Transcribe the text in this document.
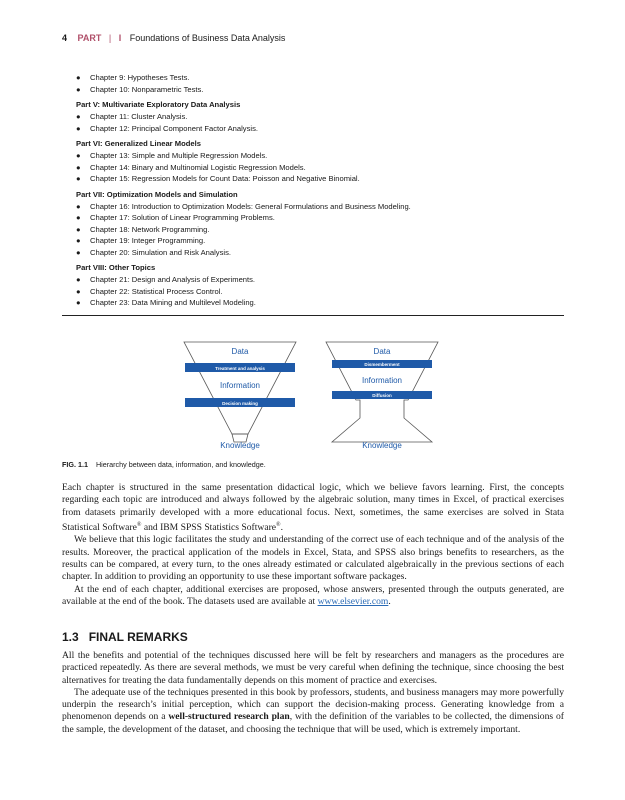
4 PART | I Foundations of Business Data Analysis
● Chapter 9: Hypotheses Tests.
● Chapter 10: Nonparametric Tests.
Part V: Multivariate Exploratory Data Analysis
● Chapter 11: Cluster Analysis.
● Chapter 12: Principal Component Factor Analysis.
Part VI: Generalized Linear Models
● Chapter 13: Simple and Multiple Regression Models.
● Chapter 14: Binary and Multinomial Logistic Regression Models.
● Chapter 15: Regression Models for Count Data: Poisson and Negative Binomial.
Part VII: Optimization Models and Simulation
● Chapter 16: Introduction to Optimization Models: General Formulations and Business Modeling.
● Chapter 17: Solution of Linear Programming Problems.
● Chapter 18: Network Programming.
● Chapter 19: Integer Programming.
● Chapter 20: Simulation and Risk Analysis.
Part VIII: Other Topics
● Chapter 21: Design and Analysis of Experiments.
● Chapter 22: Statistical Process Control.
● Chapter 23: Data Mining and Multilevel Modeling.
Data
Treatment and analysis
Information
Decision making
Knowledge
Data
Dismemberment
Information
Diffusion
Knowledge
FIG. 1.1 Hierarchy between data, information, and knowledge.

Each chapter is structured in the same presentation didactical logic, which we believe favors learning. First, the concepts regarding each topic are introduced and always followed by the algebraic solution, many times in Excel, of practical exercises from datasets primarily developed with a more educational focus. Next, sometimes, the same exercises are solved in Stata Statistical Software® and IBM SPSS Statistics Software®.

We believe that this logic facilitates the study and understanding of the correct use of each technique and of the analysis of the results. Moreover, the practical application of the models in Excel, Stata, and SPSS also brings benefits to researchers, as the results can be compared, at every turn, to the ones already estimated or calculated algebraically in the previous sections of each chapter. In addition to providing an opportunity to use these important software packages.

At the end of each chapter, additional exercises are proposed, whose answers, presented through the outputs generated, are available at the end of the book. The datasets used are available at www.elsevier.com.

1.3 FINAL REMARKS

All the benefits and potential of the techniques discussed here will be felt by researchers and managers as the procedures are practiced repeatedly. As there are several methods, we must be very careful when defining the technique, since choosing the best alternatives for treating the data fundamentally depends on this moment of practice and exercises.

The adequate use of the techniques presented in this book by professors, students, and business managers may more powerfully underpin the research’s initial perception, which can support the decision-making process. Generating knowledge from a phenomenon depends on a well-structured research plan, with the definition of the variables to be collected, the dimensions of the sample, the development of the dataset, and choosing the technique that will be used, which is extremely important.
